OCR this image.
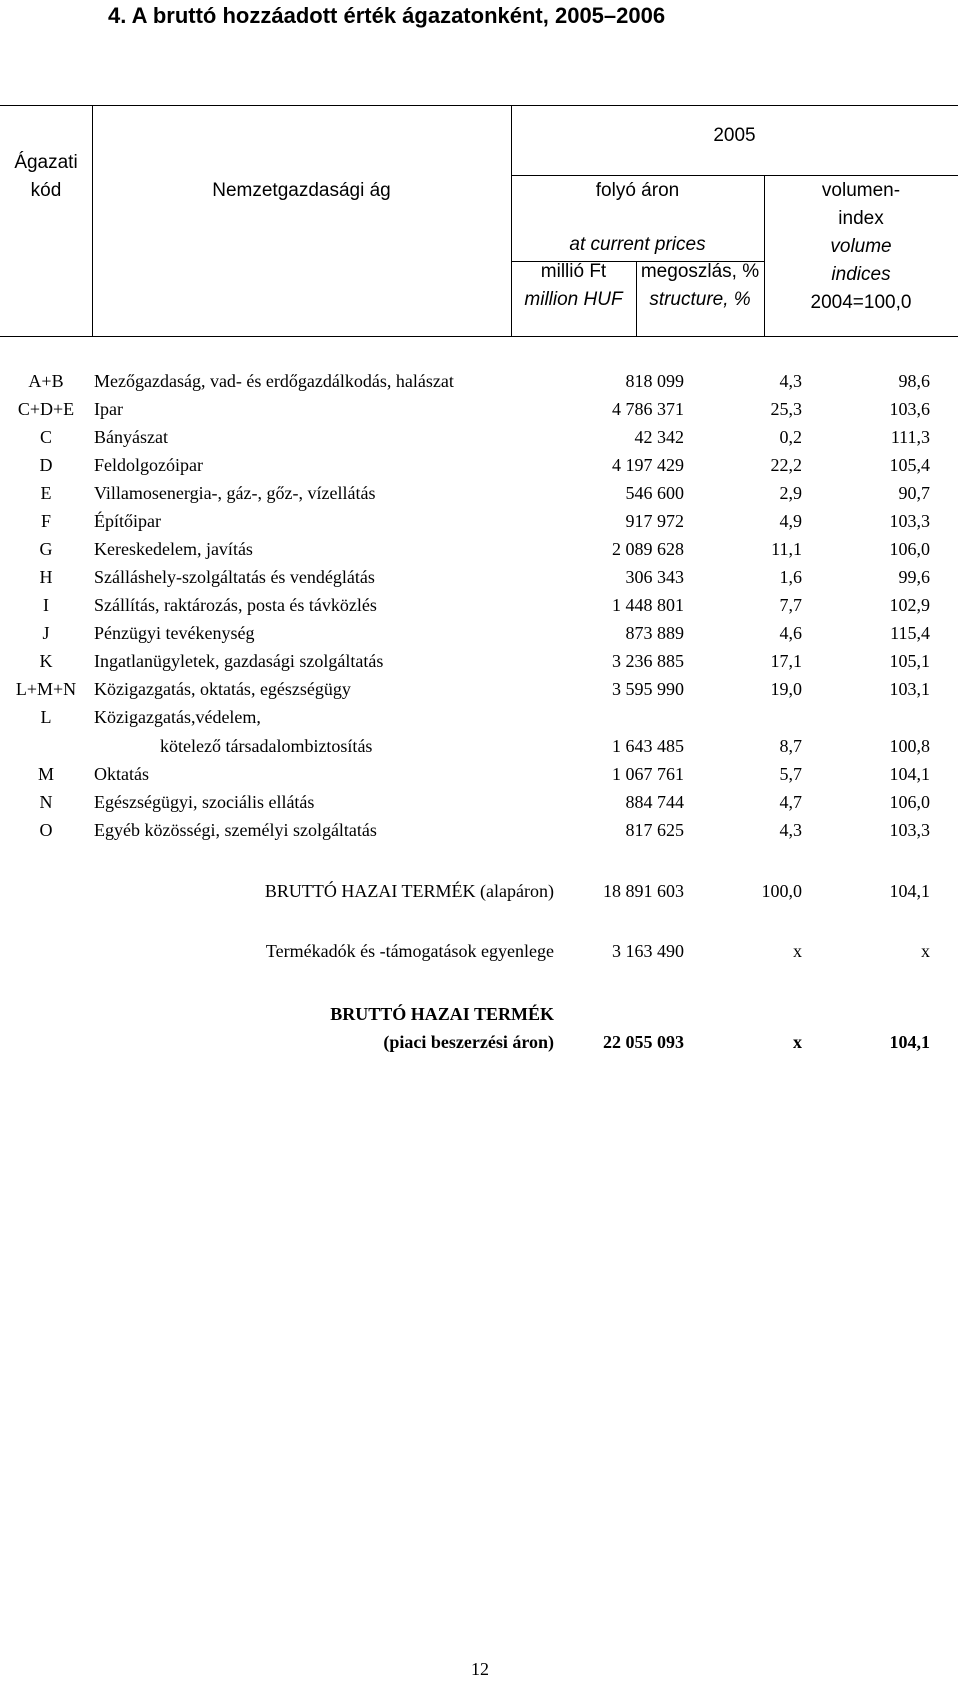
4. A bruttó hozzáadott érték ágazatonként, 2005–2006
Ágazati
kód	Nemzetgazdasági ág
2005
folyó áron
at current prices
millió Ft
million HUF
megoszlás, %
structure, %
volumen-
index
volume
indices
2004=100,0
A+B	Mezőgazdaság, vad- és erdőgazdálkodás, halászat	818 099	4,3	98,6
C+D+E	Ipar	4 786 371	25,3	103,6
C	Bányászat	42 342	0,2	111,3
D	Feldolgozóipar	4 197 429	22,2	105,4
E	Villamosenergia-, gáz-, gőz-, vízellátás	546 600	2,9	90,7
F	Építőipar	917 972	4,9	103,3
G	Kereskedelem, javítás	2 089 628	11,1	106,0
H	Szálláshely-szolgáltatás és vendéglátás	306 343	1,6	99,6
I	Szállítás, raktározás, posta és távközlés	1 448 801	7,7	102,9
J	Pénzügyi tevékenység	873 889	4,6	115,4
K	Ingatlanügyletek, gazdasági szolgáltatás	3 236 885	17,1	105,1
L+M+N Közigazgatás, oktatás, egészségügy	3 595 990	19,0	103,1
L	Közigazgatás,védelem,
kötelező társadalombiztosítás	1 643 485	8,7	100,8
M	Oktatás	1 067 761	5,7	104,1
N	Egészségügyi, szociális ellátás	884 744	4,7	106,0
O	Egyéb közösségi, személyi szolgáltatás	817 625	4,3	103,3
BRUTTÓ HAZAI TERMÉK (alapáron)	18 891 603	100,0	104,1
Termékadók és -támogatások egyenlege	3 163 490	x	x
BRUTTÓ HAZAI TERMÉK
(piaci beszerzési áron)	22 055 093	x	104,1
12
